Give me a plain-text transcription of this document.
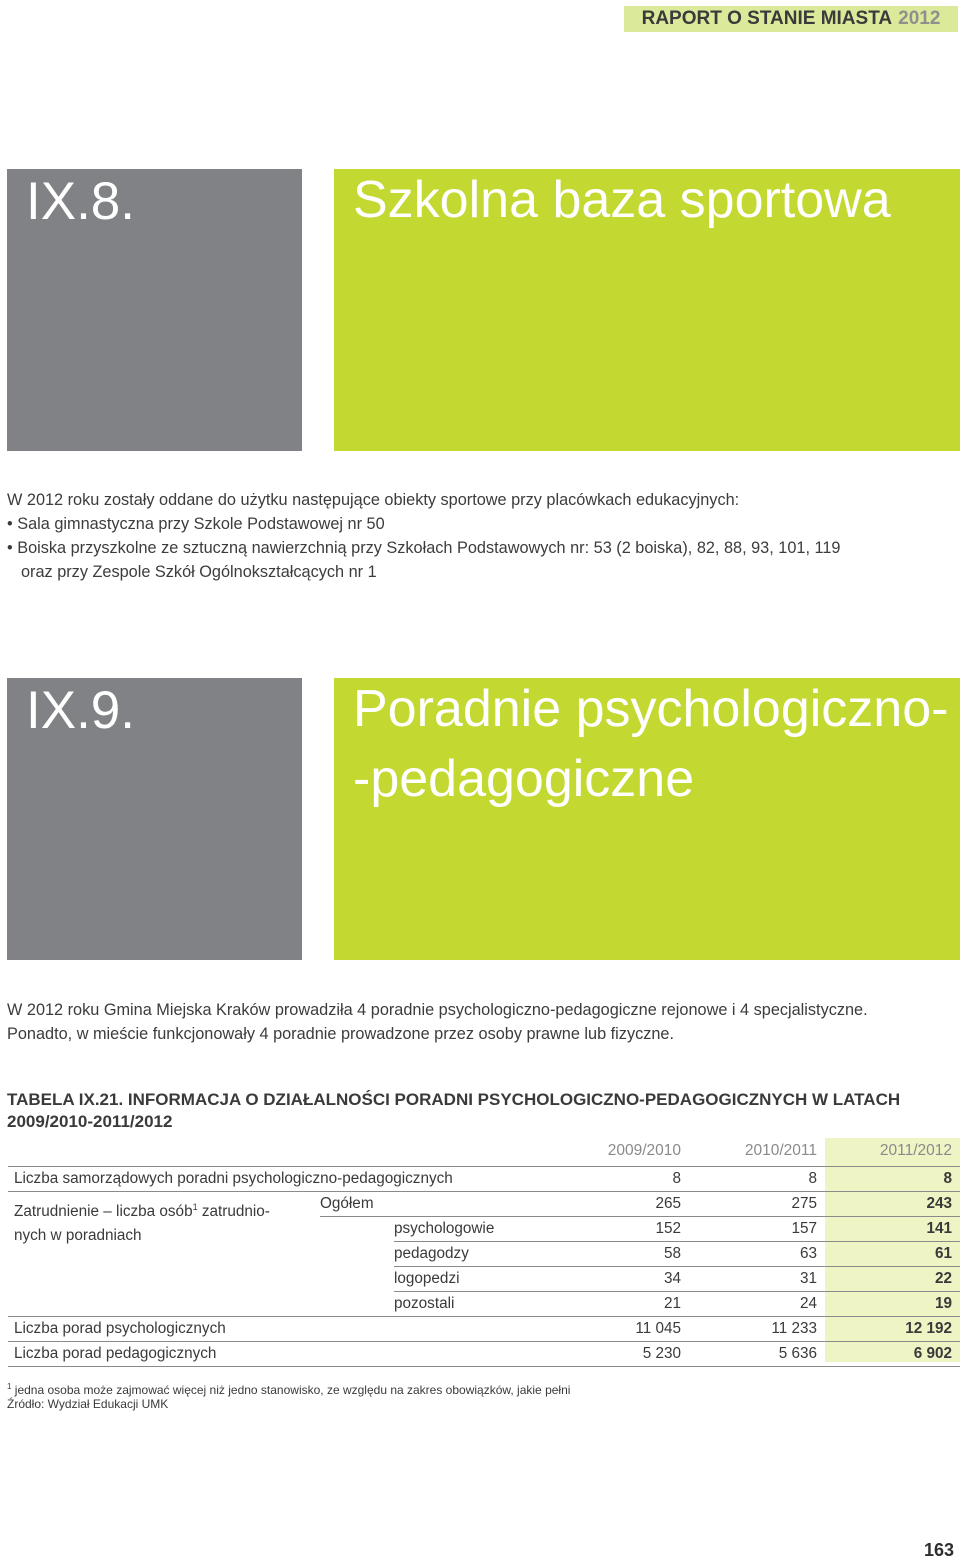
RAPORT O STANIE MIASTA 2012
IX.8.	Szkolna baza sportowa
W 2012 roku zostały oddane do użytku następujące obiekty sportowe przy placówkach edukacyjnych:
• Sala gimnastyczna przy Szkole Podstawowej nr 50
• Boiska przyszkolne ze sztuczną nawierzchnią przy Szkołach Podstawowych nr: 53 (2 boiska), 82, 88, 93, 101, 119
oraz przy Zespole Szkół Ogólnokształcących nr 1
IX.9.	Poradnie psychologiczno-
-pedagogiczne
W 2012 roku Gmina Miejska Kraków prowadziła 4 poradnie psychologiczno-pedagogiczne rejonowe i 4 specjalistyczne.
Ponadto, w mieście funkcjonowały 4 poradnie prowadzone przez osoby prawne lub fizyczne.
TABELA IX.21. INFORMACJA O DZIAŁALNOŚCI PORADNI PSYCHOLOGICZNO-PEDAGOGICZNYCH W LATACH 2009/2010-2011/2012
2009/2010	2010/2011	2011/2012
Liczba samorządowych poradni psychologiczno-pedagogicznych	8	8	8
Zatrudnienie – liczba osób$^1$ zatrudnio-
nych w poradniach
Ogółem	265	275	243
psychologowie	152	157	141
pedagodzy	58	63	61
logopedzi	34	31	22
pozostali	21	24	19
Liczba porad psychologicznych	11 045	11 233	12 192
Liczba porad pedagogicznych	5 230	5 636	6 902
$^1$ jedna osoba może zajmować więcej niż jedno stanowisko, ze względu na zakres obowiązków, jakie pełni
Źródło: Wydział Edukacji UMK
163
